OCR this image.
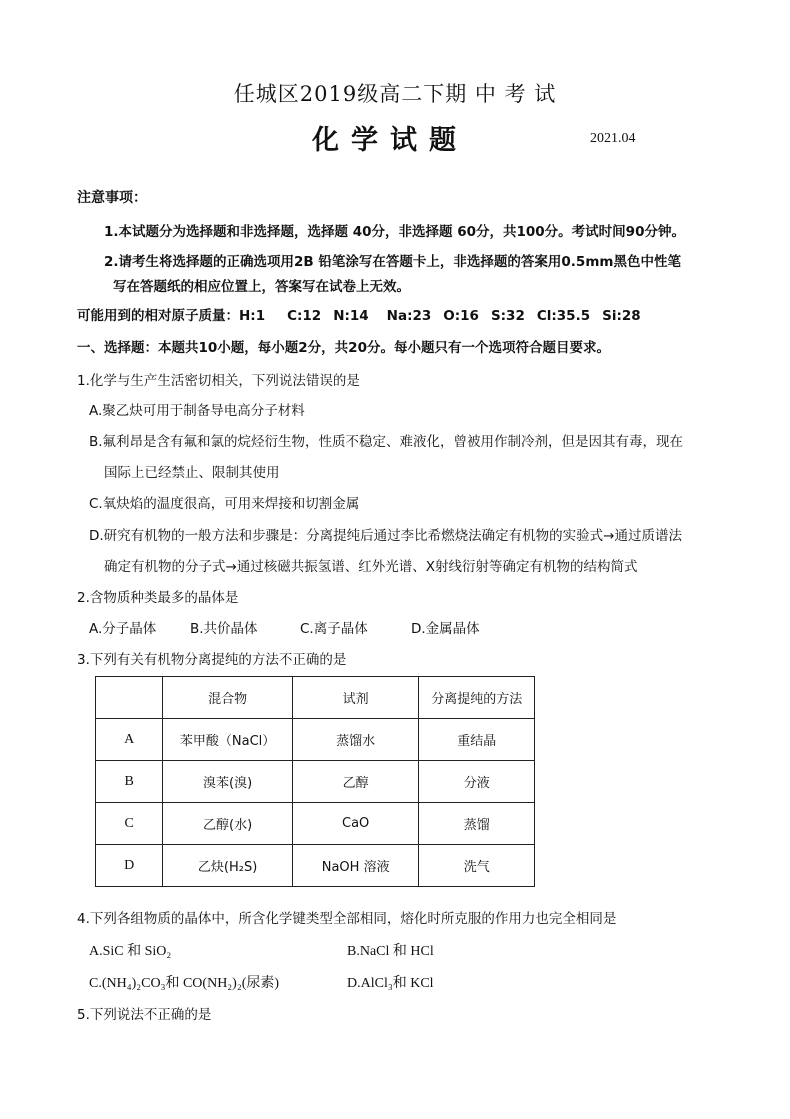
任城区2019级高二下期 中 考 试
化学试题	2021.04
注意事项：
1.本试题分为选择题和非选择题，选择题 40分，非选择题 60分，共100分。考试时间90分钟。
2.请考生将选择题的正确选项用2B 铅笔涂写在答题卡上，非选择题的答案用0.5mm黑色中性笔
写在答题纸的相应位置上，答案写在试卷上无效。
可能用到的相对原子质量：H:1 C:12 N:14 Na:23 O:16 S:32 Cl:35.5 Si:28
一、选择题：本题共10小题，每小题2分，共20分。每小题只有一个选项符合题目要求。
1.化学与生产生活密切相关，下列说法错误的是
A.聚乙炔可用于制备导电高分子材料
B.氟利昂是含有氟和氯的烷烃衍生物，性质不稳定、难液化，曾被用作制冷剂，但是因其有毒，现在
国际上已经禁止、限制其使用
C.氧炔焰的温度很高，可用来焊接和切割金属
D.研究有机物的一般方法和步骤是：分离提纯后通过李比希燃烧法确定有机物的实验式→通过质谱法
确定有机物的分子式→通过核磁共振氢谱、红外光谱、X射线衍射等确定有机物的结构简式
2.含物质种类最多的晶体是
A.分子晶体 B.共价晶体	C.离子晶体	D.金属晶体
3.下列有关有机物分离提纯的方法不正确的是
	混合物	试剂	分离提纯的方法
A	苯甲酸（NaCl）	蒸馏水	重结晶
B	溴苯(溴)	乙醇	分液
C	乙醇(水)	CaO	蒸馏
D	乙炔(H₂S)	NaOH 溶液	洗气
4.下列各组物质的晶体中，所含化学键类型全部相同，熔化时所克服的作用力也完全相同是
A.SiC 和 SiO₂	B.NaCl 和 HCl
C.(NH₄)₂CO₃和 CO(NH₂)₂(尿素)	D.AlCl₃和 KCl
5.下列说法不正确的是
